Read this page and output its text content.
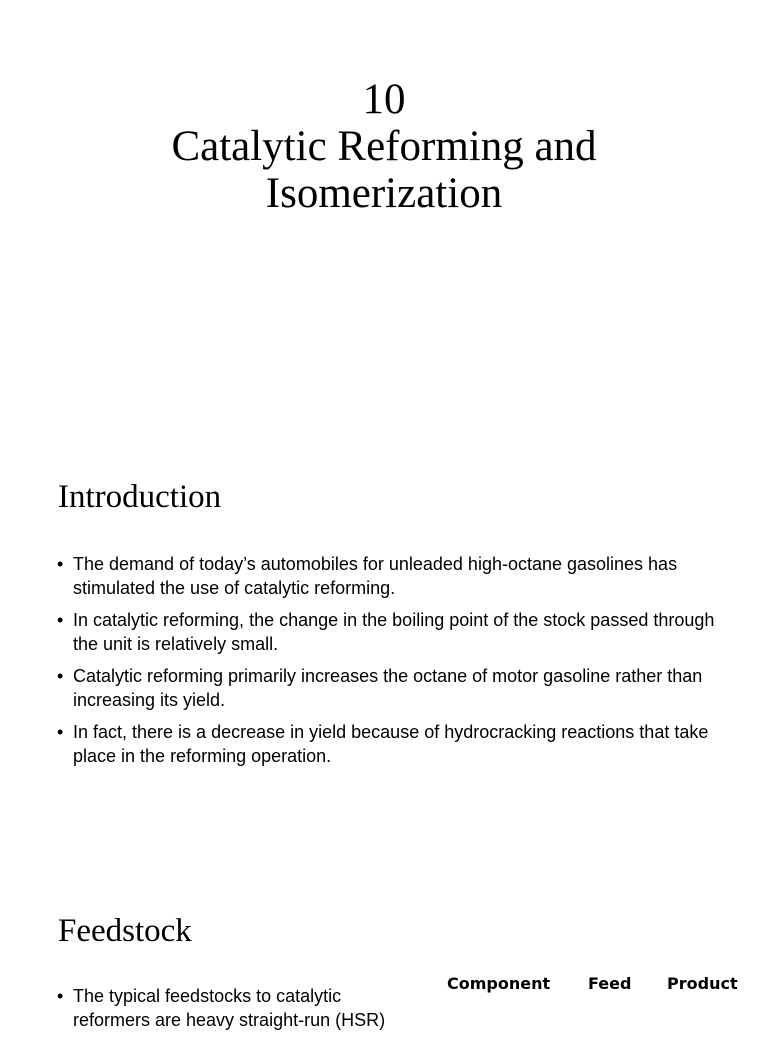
10
Catalytic Reforming and
Isomerization
Introduction
• The demand of today’s automobiles for unleaded high-octane gasolines has stimulated the use of catalytic reforming.
• In catalytic reforming, the change in the boiling point of the stock passed through the unit is relatively small.
• Catalytic reforming primarily increases the octane of motor gasoline rather than increasing its yield.
• In fact, there is a decrease in yield because of hydrocracking reactions that take place in the reforming operation.
Feedstock
• The typical feedstocks to catalytic reformers are heavy straight-run (HSR)
Component Feed Product
